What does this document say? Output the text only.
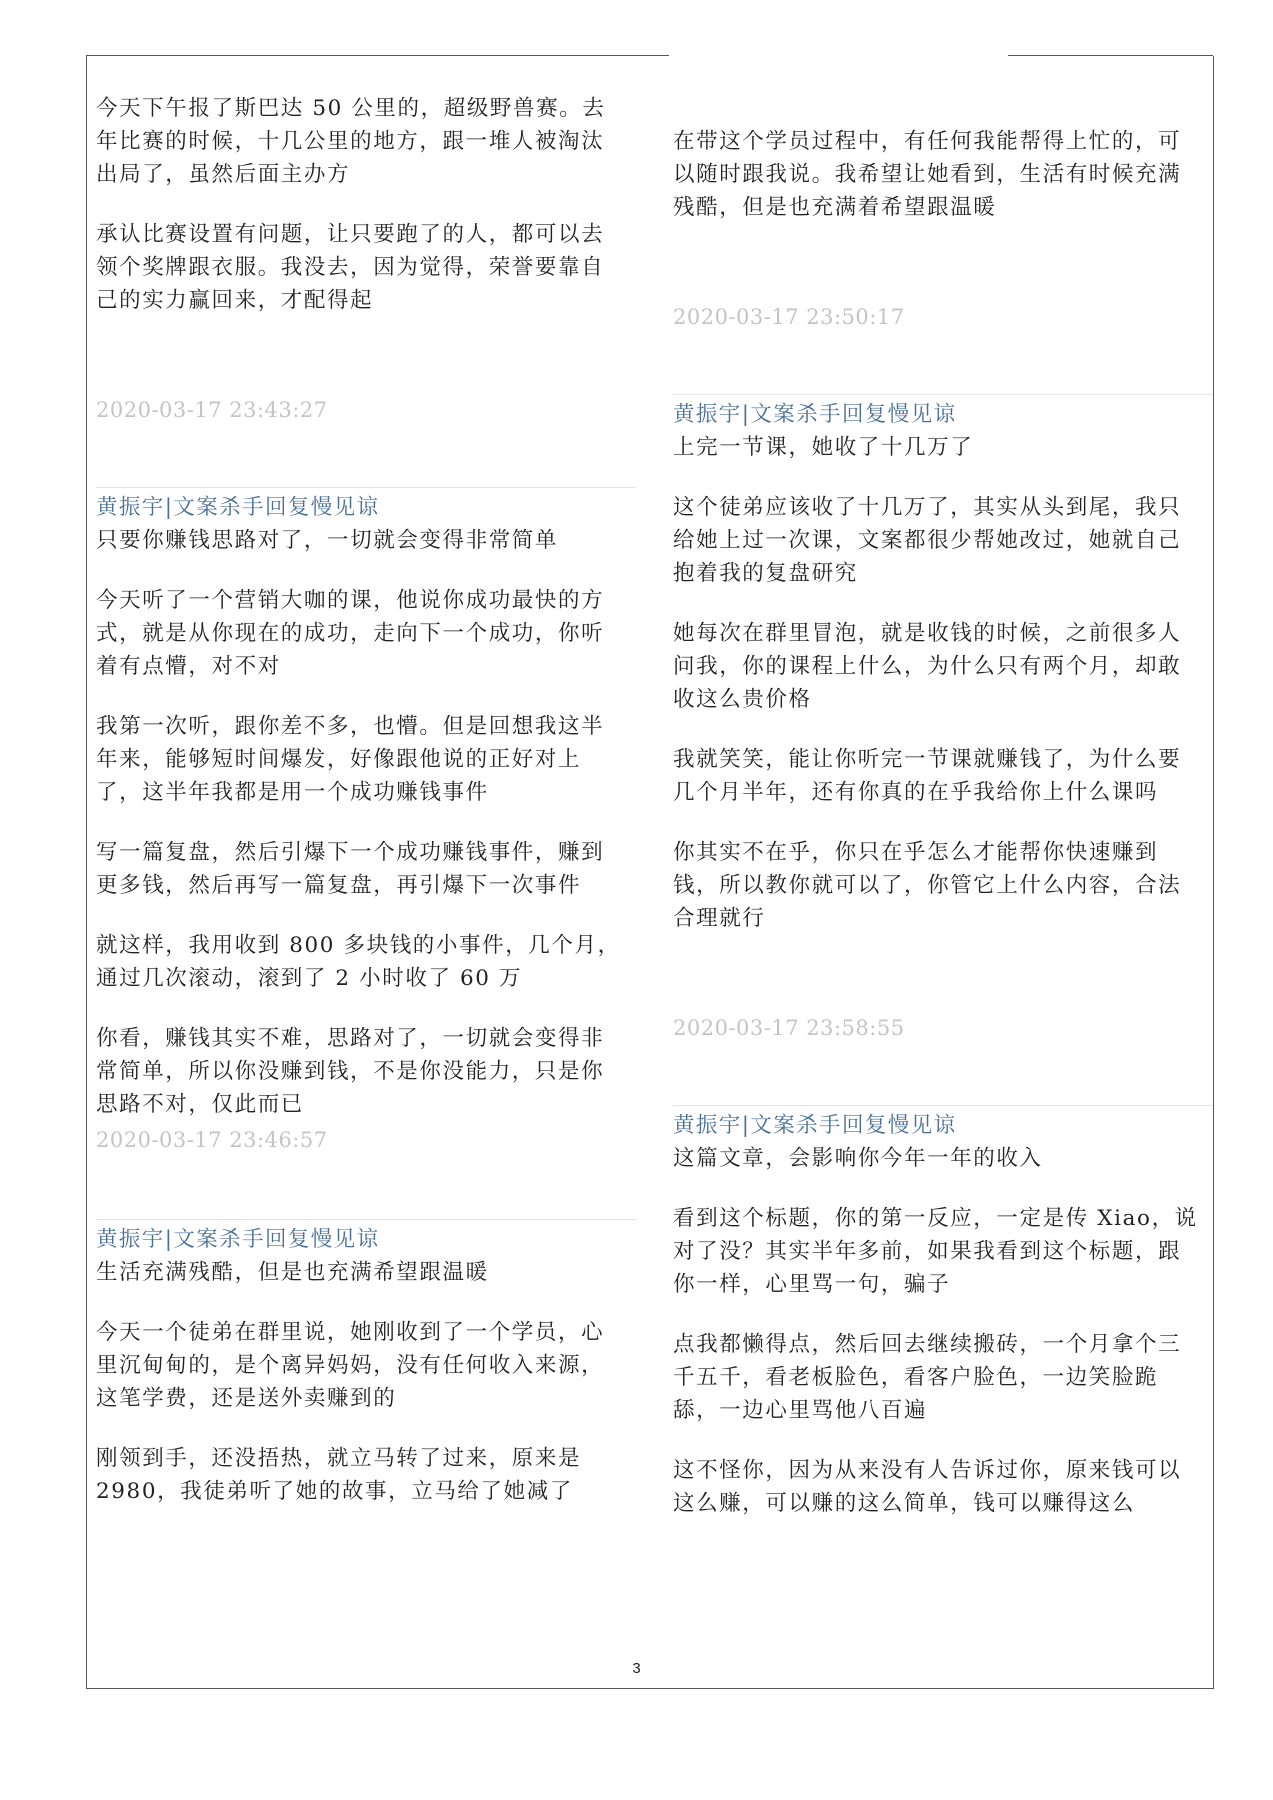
今天下午报了斯巴达 50 公里的，超级野兽赛。去年比赛的时候，十几公里的地方，跟一堆人被淘汰出局了，虽然后面主办方

承认比赛设置有问题，让只要跑了的人，都可以去领个奖牌跟衣服。我没去，因为觉得，荣誉要靠自己的实力赢回来，才配得起

2020-03-17 23:43:27

黄振宇|文案杀手回复慢见谅

只要你赚钱思路对了，一切就会变得非常简单

今天听了一个营销大咖的课，他说你成功最快的方式，就是从你现在的成功，走向下一个成功，你听着有点懵，对不对

我第一次听，跟你差不多，也懵。但是回想我这半年来，能够短时间爆发，好像跟他说的正好对上了，这半年我都是用一个成功赚钱事件

写一篇复盘，然后引爆下一个成功赚钱事件，赚到更多钱，然后再写一篇复盘，再引爆下一次事件

就这样，我用收到 800 多块钱的小事件，几个月，通过几次滚动，滚到了 2 小时收了 60 万

你看，赚钱其实不难，思路对了，一切就会变得非常简单，所以你没赚到钱，不是你没能力，只是你思路不对，仅此而已

2020-03-17 23:46:57

黄振宇|文案杀手回复慢见谅

生活充满残酷，但是也充满希望跟温暖

今天一个徒弟在群里说，她刚收到了一个学员，心里沉甸甸的，是个离异妈妈，没有任何收入来源，这笔学费，还是送外卖赚到的

刚领到手，还没捂热，就立马转了过来，原来是 2980，我徒弟听了她的故事，立马给了她减了

在带这个学员过程中，有任何我能帮得上忙的，可以随时跟我说。我希望让她看到，生活有时候充满残酷，但是也充满着希望跟温暖

2020-03-17 23:50:17

黄振宇|文案杀手回复慢见谅

上完一节课，她收了十几万了

这个徒弟应该收了十几万了，其实从头到尾，我只给她上过一次课，文案都很少帮她改过，她就自己抱着我的复盘研究

她每次在群里冒泡，就是收钱的时候，之前很多人问我，你的课程上什么，为什么只有两个月，却敢收这么贵价格

我就笑笑，能让你听完一节课就赚钱了，为什么要几个月半年，还有你真的在乎我给你上什么课吗

你其实不在乎，你只在乎怎么才能帮你快速赚到钱，所以教你就可以了，你管它上什么内容，合法合理就行

2020-03-17 23:58:55

黄振宇|文案杀手回复慢见谅

这篇文章，会影响你今年一年的收入

看到这个标题，你的第一反应，一定是传 Xiao，说对了没？其实半年多前，如果我看到这个标题，跟你一样，心里骂一句，骗子

点我都懒得点，然后回去继续搬砖，一个月拿个三千五千，看老板脸色，看客户脸色，一边笑脸跪舔，一边心里骂他八百遍

这不怪你，因为从来没有人告诉过你，原来钱可以这么赚，可以赚的这么简单，钱可以赚得这么

3
